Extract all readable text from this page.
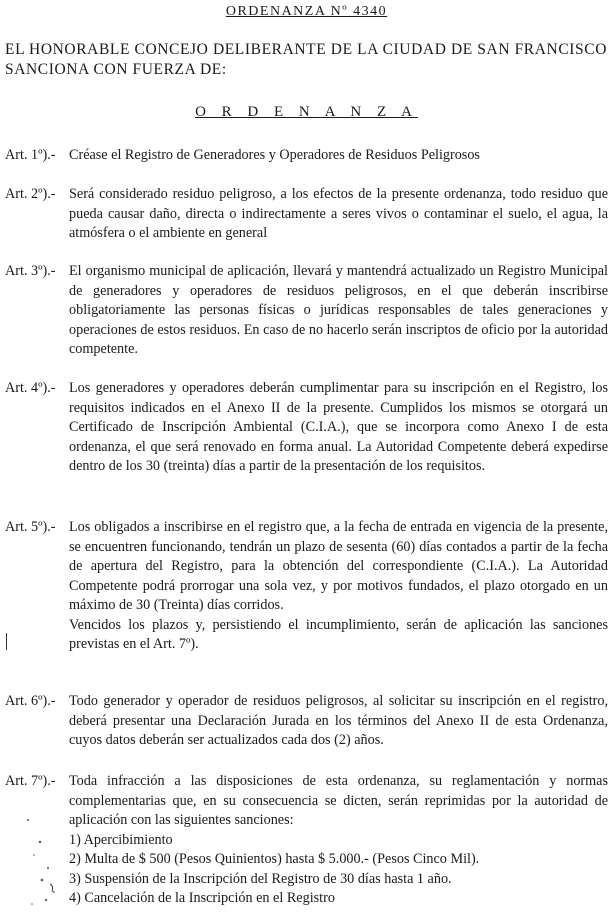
ORDENANZA Nº 4340
EL HONORABLE CONCEJO DELIBERANTE DE LA CIUDAD DE SAN FRANCISCO SANCIONA CON FUERZA DE:
O R D E N A N Z A
Art. 1º).- Créase el Registro de Generadores y Operadores de Residuos Peligrosos
Art. 2º).- Será considerado residuo peligroso, a los efectos de la presente ordenanza, todo residuo que pueda causar daño, directa o indirectamente a seres vivos o contaminar el suelo, el agua, la atmósfera o el ambiente en general
Art. 3º).- El organismo municipal de aplicación, llevará y mantendrá actualizado un Registro Municipal de generadores y operadores de residuos peligrosos, en el que deberán inscribirse obligatoriamente las personas físicas o jurídicas responsables de tales generaciones y operaciones de estos residuos. En caso de no hacerlo serán inscriptos de oficio por la autoridad competente.
Art. 4º).- Los generadores y operadores deberán cumplimentar para su inscripción en el Registro, los requisitos indicados en el Anexo II de la presente. Cumplidos los mismos se otorgará un Certificado de Inscripción Ambiental (C.I.A.), que se incorpora como Anexo I de esta ordenanza, el que será renovado en forma anual. La Autoridad Competente deberá expedirse dentro de los 30 (treinta) días a partir de la presentación de los requisitos.
Art. 5º).- Los obligados a inscribirse en el registro que, a la fecha de entrada en vigencia de la presente, se encuentren funcionando, tendrán un plazo de sesenta (60) días contados a partir de la fecha de apertura del Registro, para la obtención del correspondiente (C.I.A.). La Autoridad Competente podrá prorrogar una sola vez, y por motivos fundados, el plazo otorgado en un máximo de 30 (Treinta) días corridos.
Vencidos los plazos y, persistiendo el incumplimiento, serán de aplicación las sanciones previstas en el Art. 7º).
Art. 6º).- Todo generador y operador de residuos peligrosos, al solicitar su inscripción en el registro, deberá presentar una Declaración Jurada en los términos del Anexo II de esta Ordenanza, cuyos datos deberán ser actualizados cada dos (2) años.
Art. 7º).- Toda infracción a las disposiciones de esta ordenanza, su reglamentación y normas complementarias que, en su consecuencia se dicten, serán reprimidas por la autoridad de aplicación con las siguientes sanciones:
1) Apercibimiento
2) Multa de $ 500 (Pesos Quinientos) hasta $ 5.000.- (Pesos Cinco Mil).
3) Suspensión de la Inscripción del Registro de 30 días hasta 1 año.
4) Cancelación de la Inscripción en el Registro
